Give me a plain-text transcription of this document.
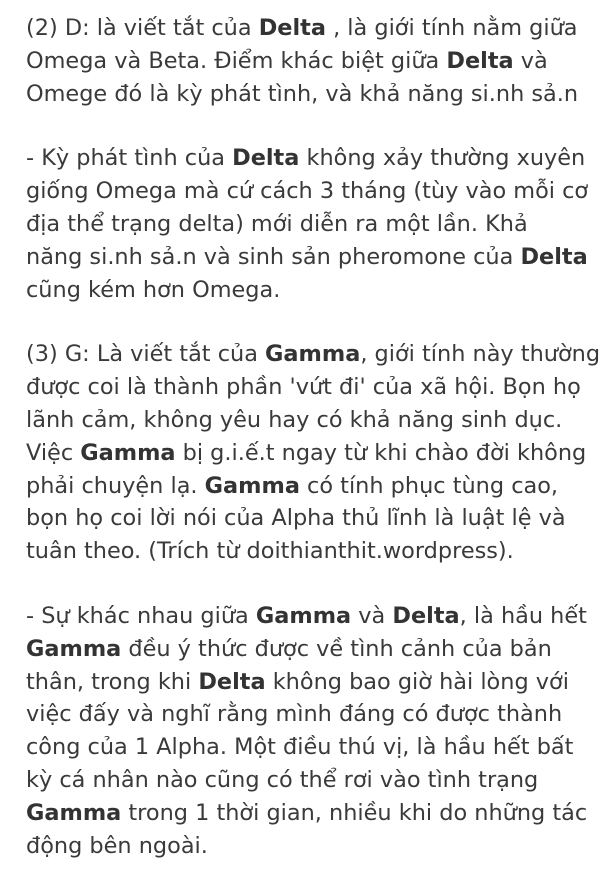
(2) D: là viết tắt của Delta , là giới tính nằm giữa
Omega và Beta. Điểm khác biệt giữa Delta và
Omege đó là kỳ phát tình, và khả năng si.nh sả.n

- Kỳ phát tình của Delta không xảy thường xuyên
giống Omega mà cứ cách 3 tháng (tùy vào mỗi cơ
địa thể trạng delta) mới diễn ra một lần. Khả
năng si.nh sả.n và sinh sản pheromone của Delta
cũng kém hơn Omega.

(3) G: Là viết tắt của Gamma, giới tính này thường
được coi là thành phần 'vứt đi' của xã hội. Bọn họ
lãnh cảm, không yêu hay có khả năng sinh dục.
Việc Gamma bị g.i.ế.t ngay từ khi chào đời không
phải chuyện lạ. Gamma có tính phục tùng cao,
bọn họ coi lời nói của Alpha thủ lĩnh là luật lệ và
tuân theo. (Trích từ doithianthit.wordpress).

- Sự khác nhau giữa Gamma và Delta, là hầu hết
Gamma đều ý thức được về tình cảnh của bản
thân, trong khi Delta không bao giờ hài lòng với
việc đấy và nghĩ rằng mình đáng có được thành
công của 1 Alpha. Một điều thú vị, là hầu hết bất
kỳ cá nhân nào cũng có thể rơi vào tình trạng
Gamma trong 1 thời gian, nhiều khi do những tác
động bên ngoài.
